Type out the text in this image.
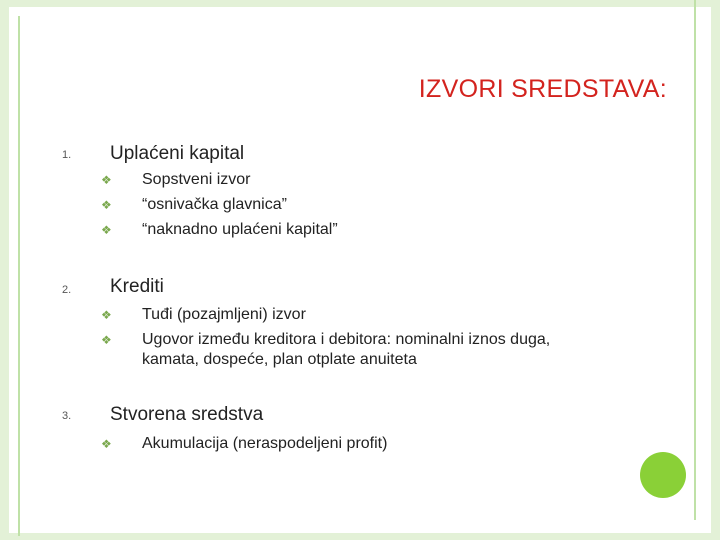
IZVORI SREDSTAVA:
1. Uplaćeni kapital
❖ Sopstveni izvor
❖ “osnivačka glavnica”
❖ “naknadno uplaćeni kapital”
2. Krediti
❖ Tuđi (pozajmljeni) izvor
❖ Ugovor između kreditora i debitora: nominalni iznos duga,
kamata, dospeće, plan otplate anuiteta
3. Stvorena sredstva
❖ Akumulacija (neraspodeljeni profit)
